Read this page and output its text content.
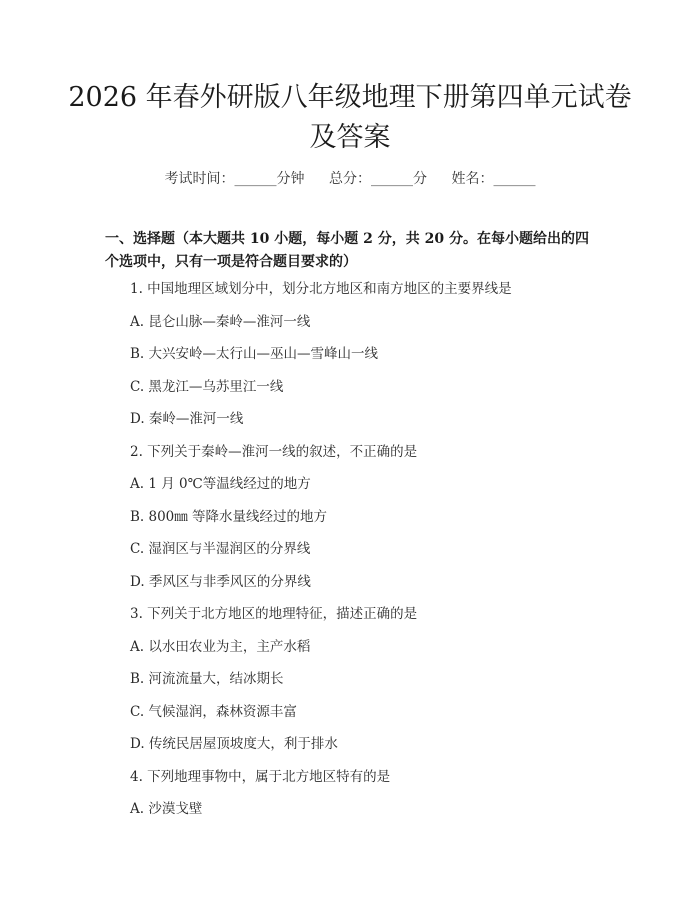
2026 年春外研版八年级地理下册第四单元试卷及答案
考试时间：______分钟 总分：______分 姓名：______

一、选择题（本大题共 10 小题，每小题 2 分，共 20 分。在每小题给出的四个选项中，只有一项是符合题目要求的）

1. 中国地理区域划分中，划分北方地区和南方地区的主要界线是
A. 昆仑山脉—秦岭—淮河一线
B. 大兴安岭—太行山—巫山—雪峰山一线
C. 黑龙江—乌苏里江一线
D. 秦岭—淮河一线
2. 下列关于秦岭—淮河一线的叙述，不正确的是
A. 1 月 0℃等温线经过的地方
B. 800㎜ 等降水量线经过的地方
C. 湿润区与半湿润区的分界线
D. 季风区与非季风区的分界线
3. 下列关于北方地区的地理特征，描述正确的是
A. 以水田农业为主，主产水稻
B. 河流流量大，结冰期长
C. 气候湿润，森林资源丰富
D. 传统民居屋顶坡度大，利于排水
4. 下列地理事物中，属于北方地区特有的是
A. 沙漠戈壁
